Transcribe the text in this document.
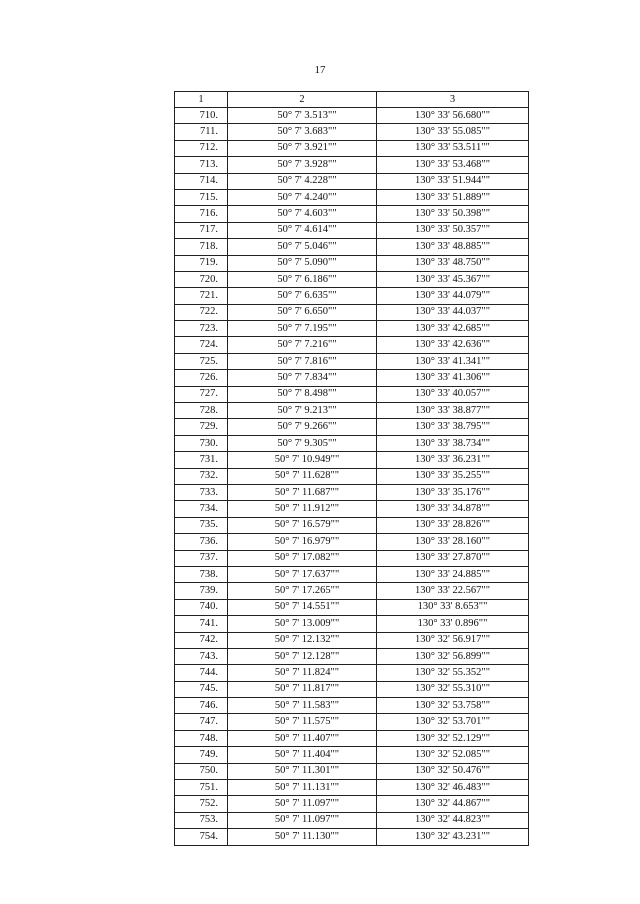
17
1	2	3
710.	50° 7' 3.513""	130° 33' 56.680""
711.	50° 7' 3.683""	130° 33' 55.085""
712.	50° 7' 3.921""	130° 33' 53.511""
713.	50° 7' 3.928""	130° 33' 53.468""
714.	50° 7' 4.228""	130° 33' 51.944""
715.	50° 7' 4.240""	130° 33' 51.889""
716.	50° 7' 4.603""	130° 33' 50.398""
717.	50° 7' 4.614""	130° 33' 50.357""
718.	50° 7' 5.046""	130° 33' 48.885""
719.	50° 7' 5.090""	130° 33' 48.750""
720.	50° 7' 6.186""	130° 33' 45.367""
721.	50° 7' 6.635""	130° 33' 44.079""
722.	50° 7' 6.650""	130° 33' 44.037""
723.	50° 7' 7.195""	130° 33' 42.685""
724.	50° 7' 7.216""	130° 33' 42.636""
725.	50° 7' 7.816""	130° 33' 41.341""
726.	50° 7' 7.834""	130° 33' 41.306""
727.	50° 7' 8.498""	130° 33' 40.057""
728.	50° 7' 9.213""	130° 33' 38.877""
729.	50° 7' 9.266""	130° 33' 38.795""
730.	50° 7' 9.305""	130° 33' 38.734""
731.	50° 7' 10.949""	130° 33' 36.231""
732.	50° 7' 11.628""	130° 33' 35.255""
733.	50° 7' 11.687""	130° 33' 35.176""
734.	50° 7' 11.912""	130° 33' 34.878""
735.	50° 7' 16.579""	130° 33' 28.826""
736.	50° 7' 16.979""	130° 33' 28.160""
737.	50° 7' 17.082""	130° 33' 27.870""
738.	50° 7' 17.637""	130° 33' 24.885""
739.	50° 7' 17.265""	130° 33' 22.567""
740.	50° 7' 14.551""	130° 33' 8.653""
741.	50° 7' 13.009""	130° 33' 0.896""
742.	50° 7' 12.132""	130° 32' 56.917""
743.	50° 7' 12.128""	130° 32' 56.899""
744.	50° 7' 11.824""	130° 32' 55.352""
745.	50° 7' 11.817""	130° 32' 55.310""
746.	50° 7' 11.583""	130° 32' 53.758""
747.	50° 7' 11.575""	130° 32' 53.701""
748.	50° 7' 11.407""	130° 32' 52.129""
749.	50° 7' 11.404""	130° 32' 52.085""
750.	50° 7' 11.301""	130° 32' 50.476""
751.	50° 7' 11.131""	130° 32' 46.483""
752.	50° 7' 11.097""	130° 32' 44.867""
753.	50° 7' 11.097""	130° 32' 44.823""
754.	50° 7' 11.130""	130° 32' 43.231""
